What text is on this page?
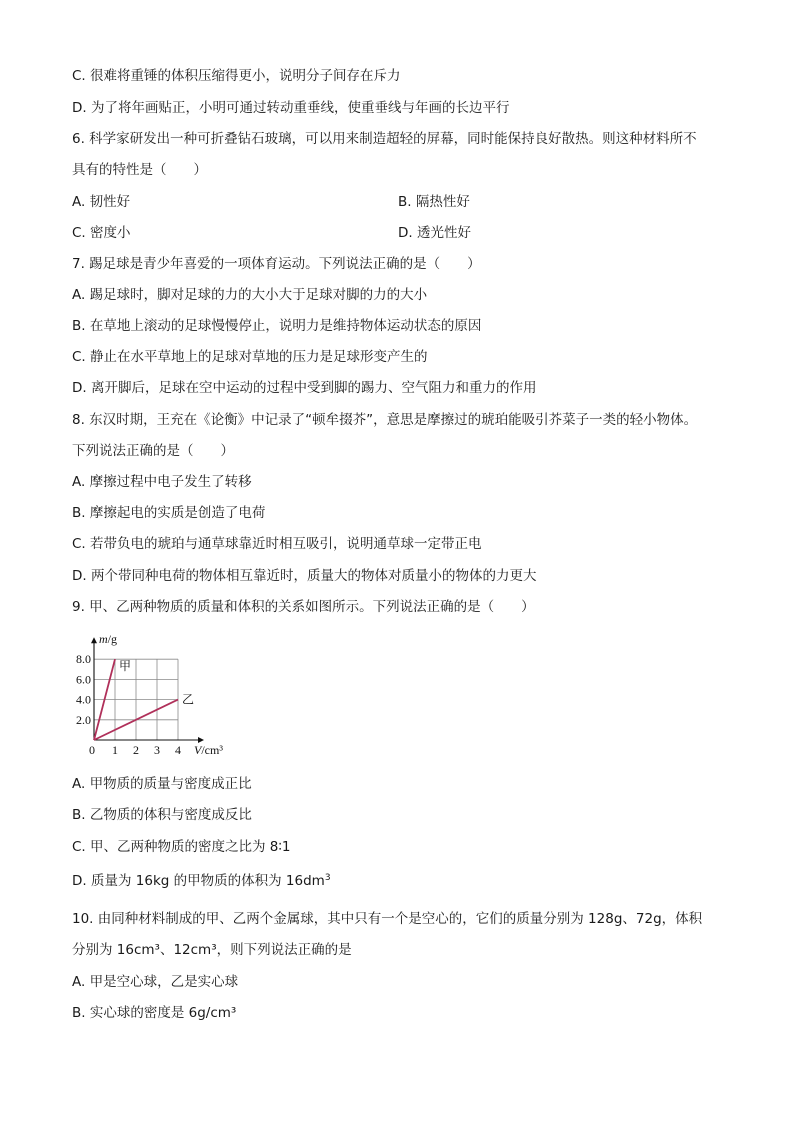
C. 很难将重锤的体积压缩得更小，说明分子间存在斥力
D. 为了将年画贴正，小明可通过转动重垂线，使重垂线与年画的长边平行
6. 科学家研发出一种可折叠钻石玻璃，可以用来制造超轻的屏幕，同时能保持良好散热。则这种材料所不
具有的特性是（　　）
A. 韧性好	B. 隔热性好
C. 密度小	D. 透光性好
7. 踢足球是青少年喜爱的一项体育运动。下列说法正确的是（　　）
A. 踢足球时，脚对足球的力的大小大于足球对脚的力的大小
B. 在草地上滚动的足球慢慢停止，说明力是维持物体运动状态的原因
C. 静止在水平草地上的足球对草地的压力是足球形变产生的
D. 离开脚后，足球在空中运动的过程中受到脚的踢力、空气阻力和重力的作用
8. 东汉时期，王充在《论衡》中记录了“顿牟掇芥”，意思是摩擦过的琥珀能吸引芥菜子一类的轻小物体。
下列说法正确的是（　　）
A. 摩擦过程中电子发生了转移
B. 摩擦起电的实质是创造了电荷
C. 若带负电的琥珀与通草球靠近时相互吸引，说明通草球一定带正电
D. 两个带同种电荷的物体相互靠近时，质量大的物体对质量小的物体的力更大
9. 甲、乙两种物质的质量和体积的关系如图所示。下列说法正确的是（　　）
甲
乙
1 2 3 4
2.0
4.0
6.0
8.0
0
m/g
V/cm³
A. 甲物质的质量与密度成正比
B. 乙物质的体积与密度成反比
C. 甲、乙两种物质的密度之比为 8∶1
D. 质量为 16kg 的甲物质的体积为 $16dm^3$
10. 由同种材料制成的甲、乙两个金属球，其中只有一个是空心的，它们的质量分别为 128g、72g，体积
分别为 16cm³、12cm³，则下列说法正确的是
A. 甲是空心球，乙是实心球
B. 实心球的密度是 6g/cm³
